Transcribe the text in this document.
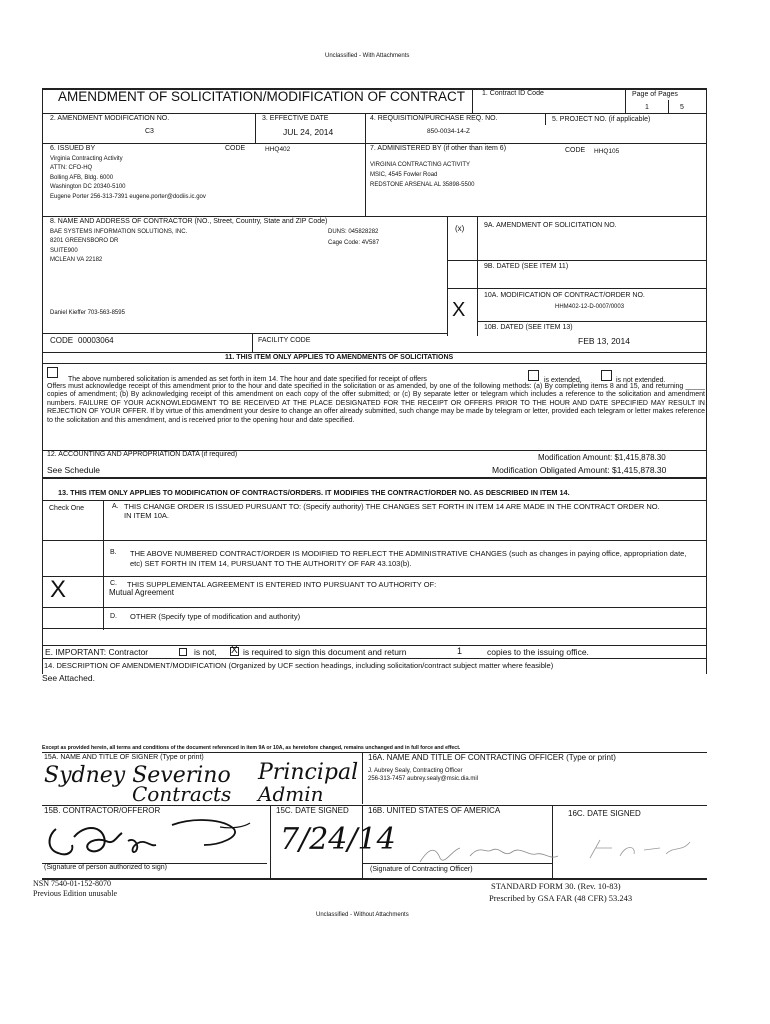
Unclassified - With Attachments
AMENDMENT OF SOLICITATION/MODIFICATION OF CONTRACT 1. Contract ID Code	Page of Pages
1	5
2. AMENDMENT MODIFICATION NO.
C3
3. EFFECTIVE DATE
JUL 24, 2014
4. REQUISITION/PURCHASE REQ. NO.
850-0034-14-Z
5. PROJECT NO. (if applicable)
6. ISSUED BY	CODE	HHQ402
Virginia Contracting Activity
ATTN: CFO-HQ
Bolling AFB, Bldg. 6000
Washington DC 20340-5100
Eugene Porter 256-313-7391 eugene.porter@dodiis.ic.gov
7. ADMINISTERED BY (if other than item 6)	CODE HHQ105
VIRGINIA CONTRACTING ACTIVITY
MSIC, 4545 Fowler Road
REDSTONE ARSENAL AL 35898-5500
8. NAME AND ADDRESS OF CONTRACTOR (NO., Street, Country, State and ZIP Code)
BAE SYSTEMS INFORMATION SOLUTIONS, INC.
8201 GREENSBORO DR
SUITE900
MCLEAN VA 22182
DUNS: 045828282
Cage Code: 4V587
Daniel Kieffer 703-563-8595
(x)	9A. AMENDMENT OF SOLICITATION NO.
9B. DATED (SEE ITEM 11)
X
10A. MODIFICATION OF CONTRACT/ORDER NO.
HHM402-12-D-0007/0003
10B. DATED (SEE ITEM 13)
FEB 13, 2014
CODE 00003064	FACILITY CODE
11. THIS ITEM ONLY APPLIES TO AMENDMENTS OF SOLICITATIONS
The above numbered solicitation is amended as set forth in item 14. The hour and date specified for receipt of offers	is extended,	is not extended.
Offers must acknowledge receipt of this amendment prior to the hour and date specified in the solicitation or as amended, by one of the following methods: (a) By completing items 8 and 15, and returning _____ copies of amendment; (b) By acknowledging receipt of this amendment on each copy of the offer submitted; or (c) By separate letter or telegram which includes a reference to the solicitation and amendment numbers. FAILURE OF YOUR ACKNOWLEDGMENT TO BE RECEIVED AT THE PLACE DESIGNATED FOR THE RECEIPT OR OFFERS PRIOR TO THE HOUR AND DATE SPECIFIED MAY RESULT IN REJECTION OF YOUR OFFER. If by virtue of this amendment your desire to change an offer already submitted, such change may be made by telegram or letter, provided each telegram or letter makes reference to the solicitation and this amendment, and is received prior to the opening hour and date specified.
12. ACCOUNTING AND APPROPRIATION DATA (if required)	Modification Amount: $1,415,878.30
See Schedule	Modification Obligated Amount: $1,415,878.30
13. THIS ITEM ONLY APPLIES TO MODIFICATION OF CONTRACTS/ORDERS. IT MODIFIES THE CONTRACT/ORDER NO. AS DESCRIBED IN ITEM 14.
Check One	A. THIS CHANGE ORDER IS ISSUED PURSUANT TO: (Specify authority) THE CHANGES SET FORTH IN ITEM 14 ARE MADE IN THE CONTRACT ORDER NO. IN ITEM 10A.
B. THE ABOVE NUMBERED CONTRACT/ORDER IS MODIFIED TO REFLECT THE ADMINISTRATIVE CHANGES (such as changes in paying office, appropriation date, etc) SET FORTH IN ITEM 14, PURSUANT TO THE AUTHORITY OF FAR 43.103(b).
X	C. THIS SUPPLEMENTAL AGREEMENT IS ENTERED INTO PURSUANT TO AUTHORITY OF:
Mutual Agreement
D. OTHER (Specify type of modification and authority)
E. IMPORTANT: Contractor	is not, X is required to sign this document and return	1	copies to the issuing office.
14. DESCRIPTION OF AMENDMENT/MODIFICATION (Organized by UCF section headings, including solicitation/contract subject matter where feasible)
See Attached.
Except as provided herein, all terms and conditions of the document referenced in item 9A or 10A, as heretofore changed, remains unchanged and in full force and effect.
15A. NAME AND TITLE OF SIGNER (Type or print)	16A. NAME AND TITLE OF CONTRACTING OFFICER (Type or print)
J. Aubrey Sealy, Contracting Officer
256-313-7457 aubrey.sealy@msic.dia.mil
Sydney Severino Principal
Contracts Admin
15B. CONTRACTOR/OFFEROR	15C. DATE SIGNED 16B. UNITED STATES OF AMERICA	16C. DATE SIGNED
7/24/14
(Signature of person authorized to sign)	(Signature of Contracting Officer)
NSN 7540-01-152-8070
Previous Edition unusable
STANDARD FORM 30. (Rev. 10-83)
Prescribed by GSA FAR (48 CFR) 53.243
Unclassified - Without Attachments
